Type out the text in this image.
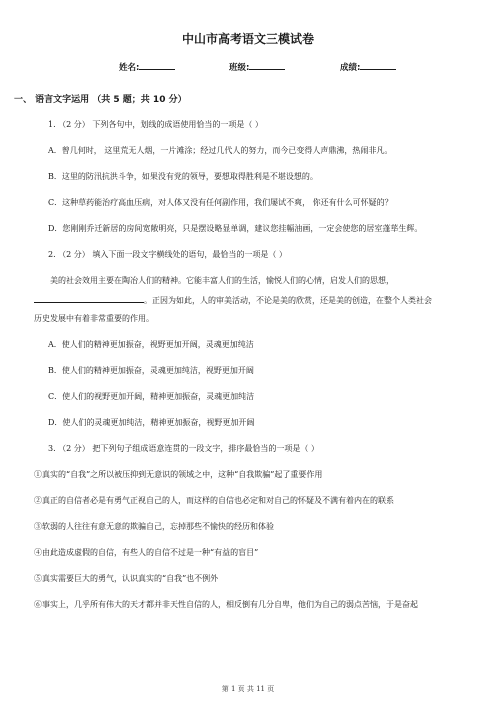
中山市高考语文三模试卷
姓名:	班级:	成绩:
一、 语言文字运用 （共 5 题；共 10 分）
1. （2 分） 下列各句中，划线的成语使用恰当的一项是（ ）
A．曾几何时， 这里荒无人烟，一片滩涂；经过几代人的努力，而今已变得人声鼎沸，热闹非凡。
B．这里的防汛抗洪斗争，如果没有党的领导，要想取得胜利是不堪设想的。
C．这种草药能治疗高血压病，对人体又没有任何副作用，我们屡试不爽， 你还有什么可怀疑的？
D．您刚刚乔迁新居的房间宽敞明亮，只是摆设略显单调，建议您挂幅油画，一定会使您的居室蓬荜生辉。
2. （2 分） 填入下面一段文字横线处的语句，最恰当的一项是（ ）
美的社会效用主要在陶冶人们的精神。它能丰富人们的生活，愉悦人们的心情，启发人们的思想，
。正因为如此，人的审美活动，不论是美的欣赏，还是美的创造，在整个人类社会
历史发展中有着非常重要的作用。
A．使人们的精神更加振奋，视野更加开阔，灵魂更加纯洁
B．使人们的精神更加振奋，灵魂更加纯洁，视野更加开阔
C．使人们的视野更加开阔，精神更加振奋，灵魂更加纯洁
D．使人们的灵魂更加纯洁，精神更加振奋，视野更加开阔
3. （2 分） 把下列句子组成语意连贯的一段文字，排序最恰当的一项是（ ）
①真实的“自我”之所以被压抑到无意识的领域之中，这种“自我欺骗”起了重要作用
②真正的自信者必是有勇气正视自己的人，而这样的自信也必定和对自己的怀疑及不满有着内在的联系
③软弱的人往往有意无意的欺骗自己，忘掉那些不愉快的经历和体验
④由此造成虚假的自信，有些人的自信不过是一种“有益的盲目”
⑤真实需要巨大的勇气，认识真实的“自我”也不例外
⑥事实上，几乎所有伟大的天才都并非天性自信的人，相反倒有几分自卑，他们为自己的弱点苦恼，于是奋起
第 1 页 共 11 页
